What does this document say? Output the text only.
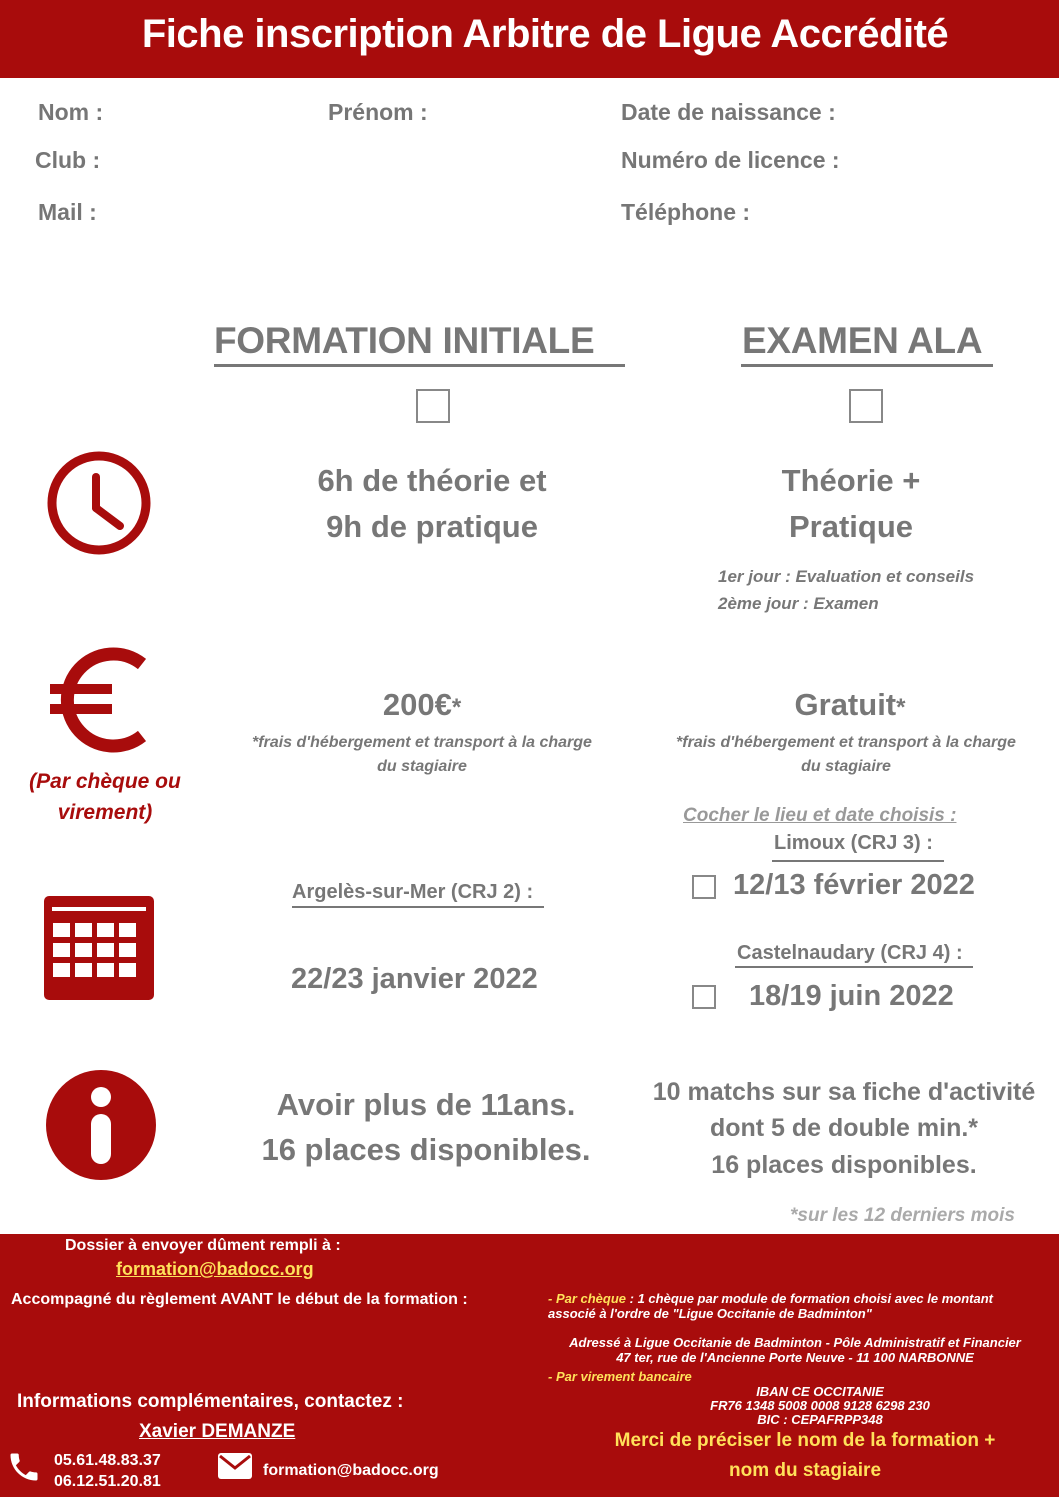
Fiche inscription Arbitre de Ligue Accrédité
Nom :	Prénom :	Date de naissance :
Club :	Numéro de licence :
Mail :	Téléphone :
FORMATION INITIALE	EXAMEN ALA
6h de théorie et
9h de pratique
Théorie +
Pratique
1er jour : Evaluation et conseils
2ème jour : Examen
(Par chèque ou
virement)
200€*
*frais d'hébergement et transport à la charge
du stagiaire
Gratuit*
*frais d'hébergement et transport à la charge
du stagiaire
Cocher le lieu et date choisis :
Limoux (CRJ 3) :
12/13 février 2022
Castelnaudary (CRJ 4) :
18/19 juin 2022
Argelès-sur-Mer (CRJ 2) :
22/23 janvier 2022
Avoir plus de 11ans.
16 places disponibles.
10 matchs sur sa fiche d'activité
dont 5 de double min.*
16 places disponibles.
*sur les 12 derniers mois
Dossier à envoyer dûment rempli à :
formation@badocc.org
Accompagné du règlement AVANT le début de la formation :	- Par chèque : 1 chèque par module de formation choisi avec le montant
associé à l'ordre de "Ligue Occitanie de Badminton"
Adressé à Ligue Occitanie de Badminton - Pôle Administratif et Financier
47 ter, rue de l'Ancienne Porte Neuve - 11 100 NARBONNE
- Par virement bancaire
IBAN CE OCCITANIE
FR76 1348 5008 0008 9128 6298 230
BIC : CEPAFRPP348
Merci de préciser le nom de la formation +
nom du stagiaire
Informations complémentaires, contactez :
Xavier DEMANZE
05.61.48.83.37
06.12.51.20.81
formation@badocc.org
